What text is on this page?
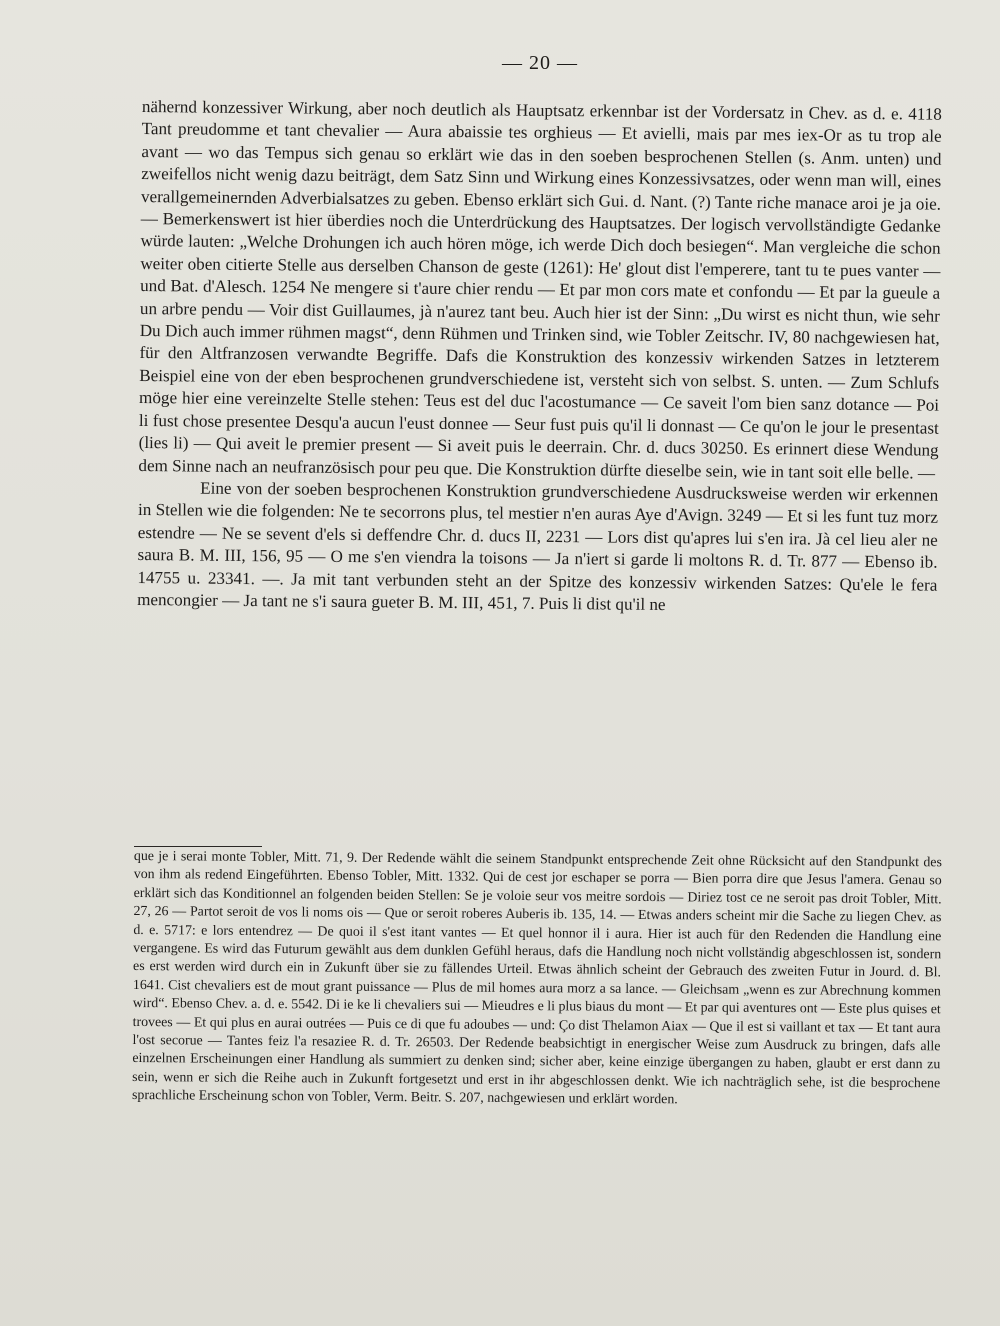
— 20 —

nähernd konzessiver Wirkung, aber noch deutlich als Hauptsatz erkennbar ist der Vordersatz in Chev. as d. e. 4118 Tant preudomme et tant chevalier — Aura abaissie tes orghieus — Et avielli, mais par mes iex-Or as tu trop ale avant — wo das Tempus sich genau so erklärt wie das in den soeben besprochenen Stellen (s. Anm. unten) und zweifellos nicht wenig dazu beiträgt, dem Satz Sinn und Wirkung eines Konzessivsatzes, oder wenn man will, eines verallgemeinernden Adverbialsatzes zu geben. Ebenso erklärt sich Gui. d. Nant. (?) Tante riche manace aroi je ja oie. — Bemerkenswert ist hier überdies noch die Unterdrückung des Hauptsatzes. Der logisch vervollständigte Gedanke würde lauten: „Welche Drohungen ich auch hören möge, ich werde Dich doch besiegen“. Man vergleiche die schon weiter oben citierte Stelle aus derselben Chanson de geste (1261): He' glout dist l'emperere, tant tu te pues vanter — und Bat. d'Alesch. 1254 Ne mengere si t'aure chier rendu — Et par mon cors mate et confondu — Et par la gueule a un arbre pendu — Voir dist Guillaumes, jà n'aurez tant beu. Auch hier ist der Sinn: „Du wirst es nicht thun, wie sehr Du Dich auch immer rühmen magst“, denn Rühmen und Trinken sind, wie Tobler Zeitschr. IV, 80 nachgewiesen hat, für den Altfranzosen verwandte Begriffe. Dafs die Konstruktion des konzessiv wirkenden Satzes in letzterem Beispiel eine von der eben besprochenen grundverschiedene ist, versteht sich von selbst. S. unten. — Zum Schlufs möge hier eine vereinzelte Stelle stehen: Teus est del duc l'acostumance — Ce saveit l'om bien sanz dotance — Poi li fust chose presentee Desqu'a aucun l'eust donnee — Seur fust puis qu'il li donnast — Ce qu'on le jour le presentast (lies li) — Qui aveit le premier present — Si aveit puis le deerrain. Chr. d. ducs 30250. Es erinnert diese Wendung dem Sinne nach an neufranzösisch pour peu que. Die Konstruktion dürfte dieselbe sein, wie in tant soit elle belle. —

Eine von der soeben besprochenen Konstruktion grundverschiedene Ausdrucksweise werden wir erkennen in Stellen wie die folgenden: Ne te secorrons plus, tel mestier n'en auras Aye d'Avign. 3249 — Et si les funt tuz morz estendre — Ne se sevent d'els si deffendre Chr. d. ducs II, 2231 — Lors dist qu'apres lui s'en ira. Jà cel lieu aler ne saura B. M. III, 156, 95 — O me s'en viendra la toisons — Ja n'iert si garde li moltons R. d. Tr. 877 — Ebenso ib. 14755 u. 23341. —. Ja mit tant verbunden steht an der Spitze des konzessiv wirkenden Satzes: Qu'ele le fera mencongier — Ja tant ne s'i saura gueter B. M. III, 451, 7. Puis li dist qu'il ne

que je i serai monte Tobler, Mitt. 71, 9. Der Redende wählt die seinem Standpunkt entsprechende Zeit ohne Rücksicht auf den Standpunkt des von ihm als redend Eingeführten. Ebenso Tobler, Mitt. 1332. Qui de cest jor eschaper se porra — Bien porra dire que Jesus l'amera. Genau so erklärt sich das Konditionnel an folgenden beiden Stellen: Se je voloie seur vos meitre sordois — Diriez tost ce ne seroit pas droit Tobler, Mitt. 27, 26 — Partot seroit de vos li noms ois — Que or seroit roberes Auberis ib. 135, 14. — Etwas anders scheint mir die Sache zu liegen Chev. as d. e. 5717: e lors entendrez — De quoi il s'est itant vantes — Et quel honnor il i aura. Hier ist auch für den Redenden die Handlung eine vergangene. Es wird das Futurum gewählt aus dem dunklen Gefühl heraus, dafs die Handlung noch nicht vollständig abgeschlossen ist, sondern es erst werden wird durch ein in Zukunft über sie zu fällendes Urteil. Etwas ähnlich scheint der Gebrauch des zweiten Futur in Jourd. d. Bl. 1641. Cist chevaliers est de mout grant puissance — Plus de mil homes aura morz a sa lance. — Gleichsam „wenn es zur Abrechnung kommen wird“. Ebenso Chev. a. d. e. 5542. Di ie ke li chevaliers sui — Mieudres e li plus biaus du mont — Et par qui aventures ont — Este plus quises et trovees — Et qui plus en aurai outrées — Puis ce di que fu adoubes — und: Ço dist Thelamon Aiax — Que il est si vaillant et tax — Et tant aura l'ost secorue — Tantes feiz l'a resaziee R. d. Tr. 26503. Der Redende beabsichtigt in energischer Weise zum Ausdruck zu bringen, dafs alle einzelnen Erscheinungen einer Handlung als summiert zu denken sind; sicher aber, keine einzige übergangen zu haben, glaubt er erst dann zu sein, wenn er sich die Reihe auch in Zukunft fortgesetzt und erst in ihr abgeschlossen denkt. Wie ich nachträglich sehe, ist die besprochene sprachliche Erscheinung schon von Tobler, Verm. Beitr. S. 207, nachgewiesen und erklärt worden.
